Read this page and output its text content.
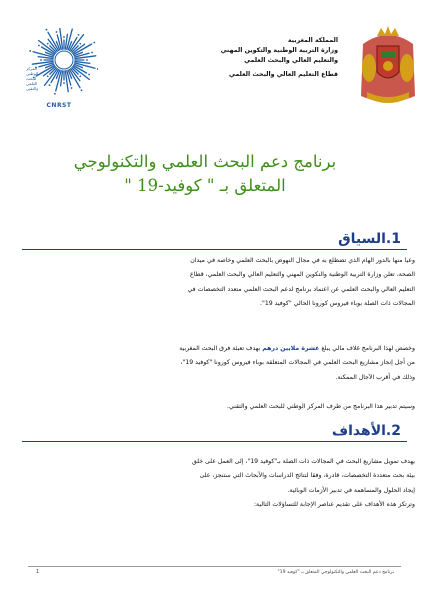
المركز الوطني للبحث العلمي والتقني
CNRST
المملكة المغربية
وزارة التربية الوطنية والتكوين المهني
والتعليم العالي والبحث العلمي
قطاع التعليم العالي والبحث العلمي
برنامج دعم البحث العلمي والتكنولوجي
المتعلق بـ " كوفيد-19 "
1.السياق
وعيا منها بالدور الهام الذي تضطلع به في مجال النهوض بالبحث العلمي وخاصة في ميدان
الصحة، تعلن وزارة التربية الوطنية والتكوين المهني والتعليم العالي والبحث العلمي، قطاع
التعليم العالي والبحث العلمي عن اعتماد برنامج لدعم البحث العلمي متعدد التخصصات في
المجالات ذات الصلة بوباء فيروس كورونا الحالي "كوفيد 19".
وخصص لهذا البرنامج غلاف مالي يبلغ عشرة ملايين درهم بهدف تعبئة فرق البحث المغربية
من أجل إنجاز مشاريع البحث العلمي في المجالات المتعلقة بوباء فيروس كورونا "كوفيد 19"،
وذلك في أقرب الآجال الممكنة.
وسيتم تدبير هذا البرنامج من طرف المركز الوطني للبحث العلمي والتقني.
2.الأهداف
يهدف تمويل مشاريع البحث في المجالات ذات الصلة بـ"كوفيد 19"، إلى العمل على خلق
بيئة بحث متعددة التخصصات، قادرة، وفقا لنتائج الدراسات والأبحاث التي ستنجز، على
إيجاد الحلول والمساهمة في تدبير الأزمات الوبائية.
وترتكز هذه الأهداف على تقديم عناصر الإجابة للتساؤلات التالية:
برنامج دعم البحث العلمي والتكنولوجي المتعلق بـ "كوفيد 19"
1
